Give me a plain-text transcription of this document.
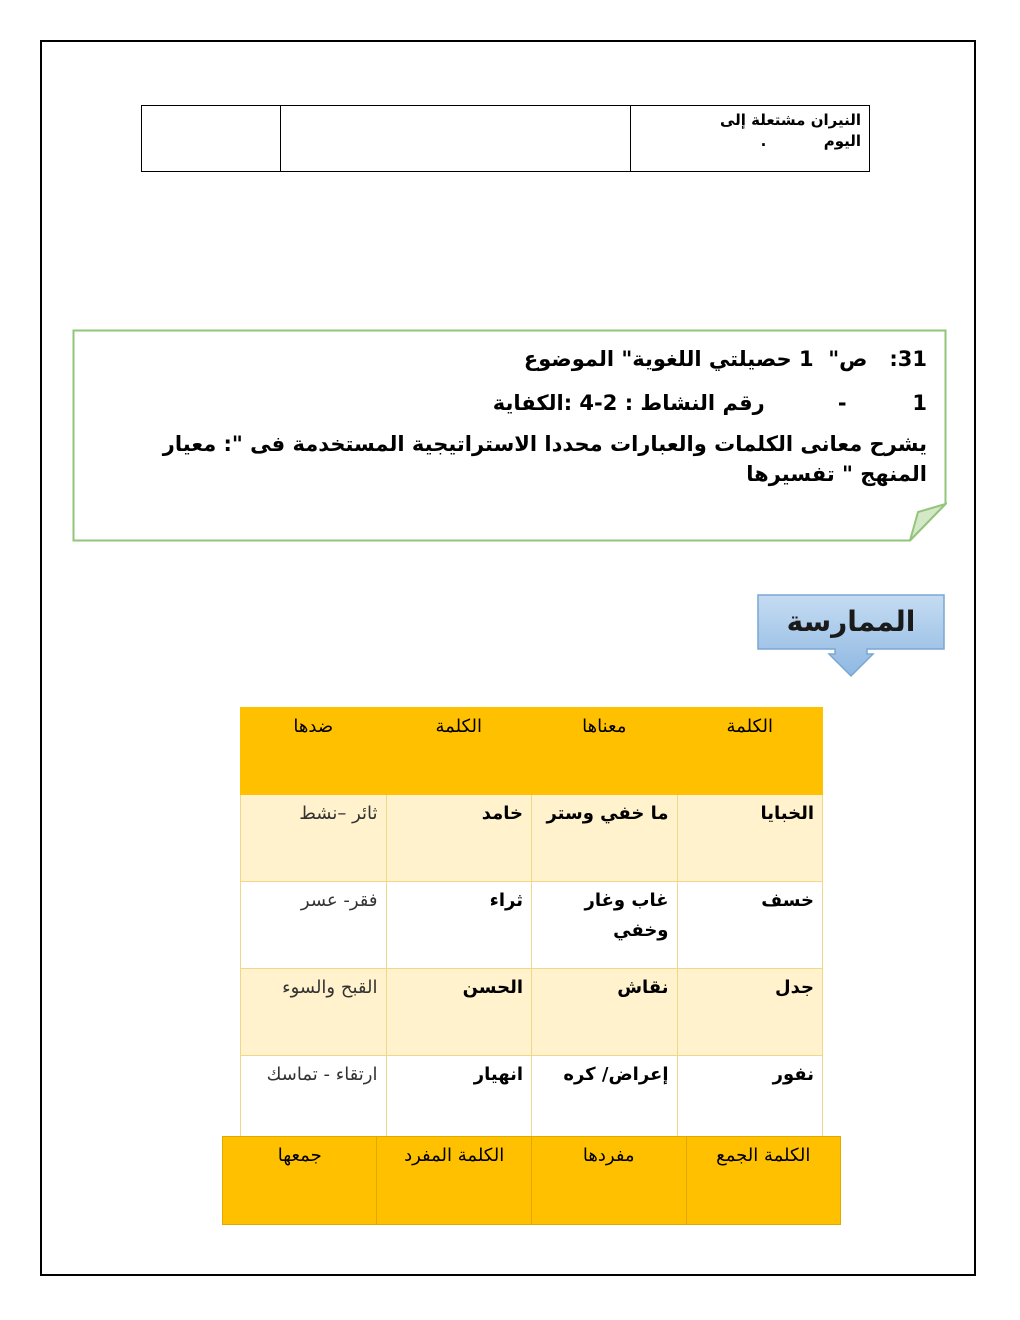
النيران مشتعلة إلى
اليوم           .

31:   ص"  1 حصيلتي اللغوية" الموضوع
1         -          رقم النشاط : 2-4 :الكفاية
يشرح معانى الكلمات والعبارات محددا الاستراتيجية المستخدمة فى ": معيار المنهج " تفسيرها
الممارسة
الكلمة	معناها	الكلمة	ضدها
الخبايا	ما خفي وستر	خامد	ثائر –نشط
خسف	غاب وغار وخفي	ثراء	فقر- عسر
جدل	نقاش	الحسن	القبح والسوء
نفور	إعراض/ كره	انهيار	ارتقاء - تماسك
الكلمة الجمع	مفردها	الكلمة المفرد	جمعها
